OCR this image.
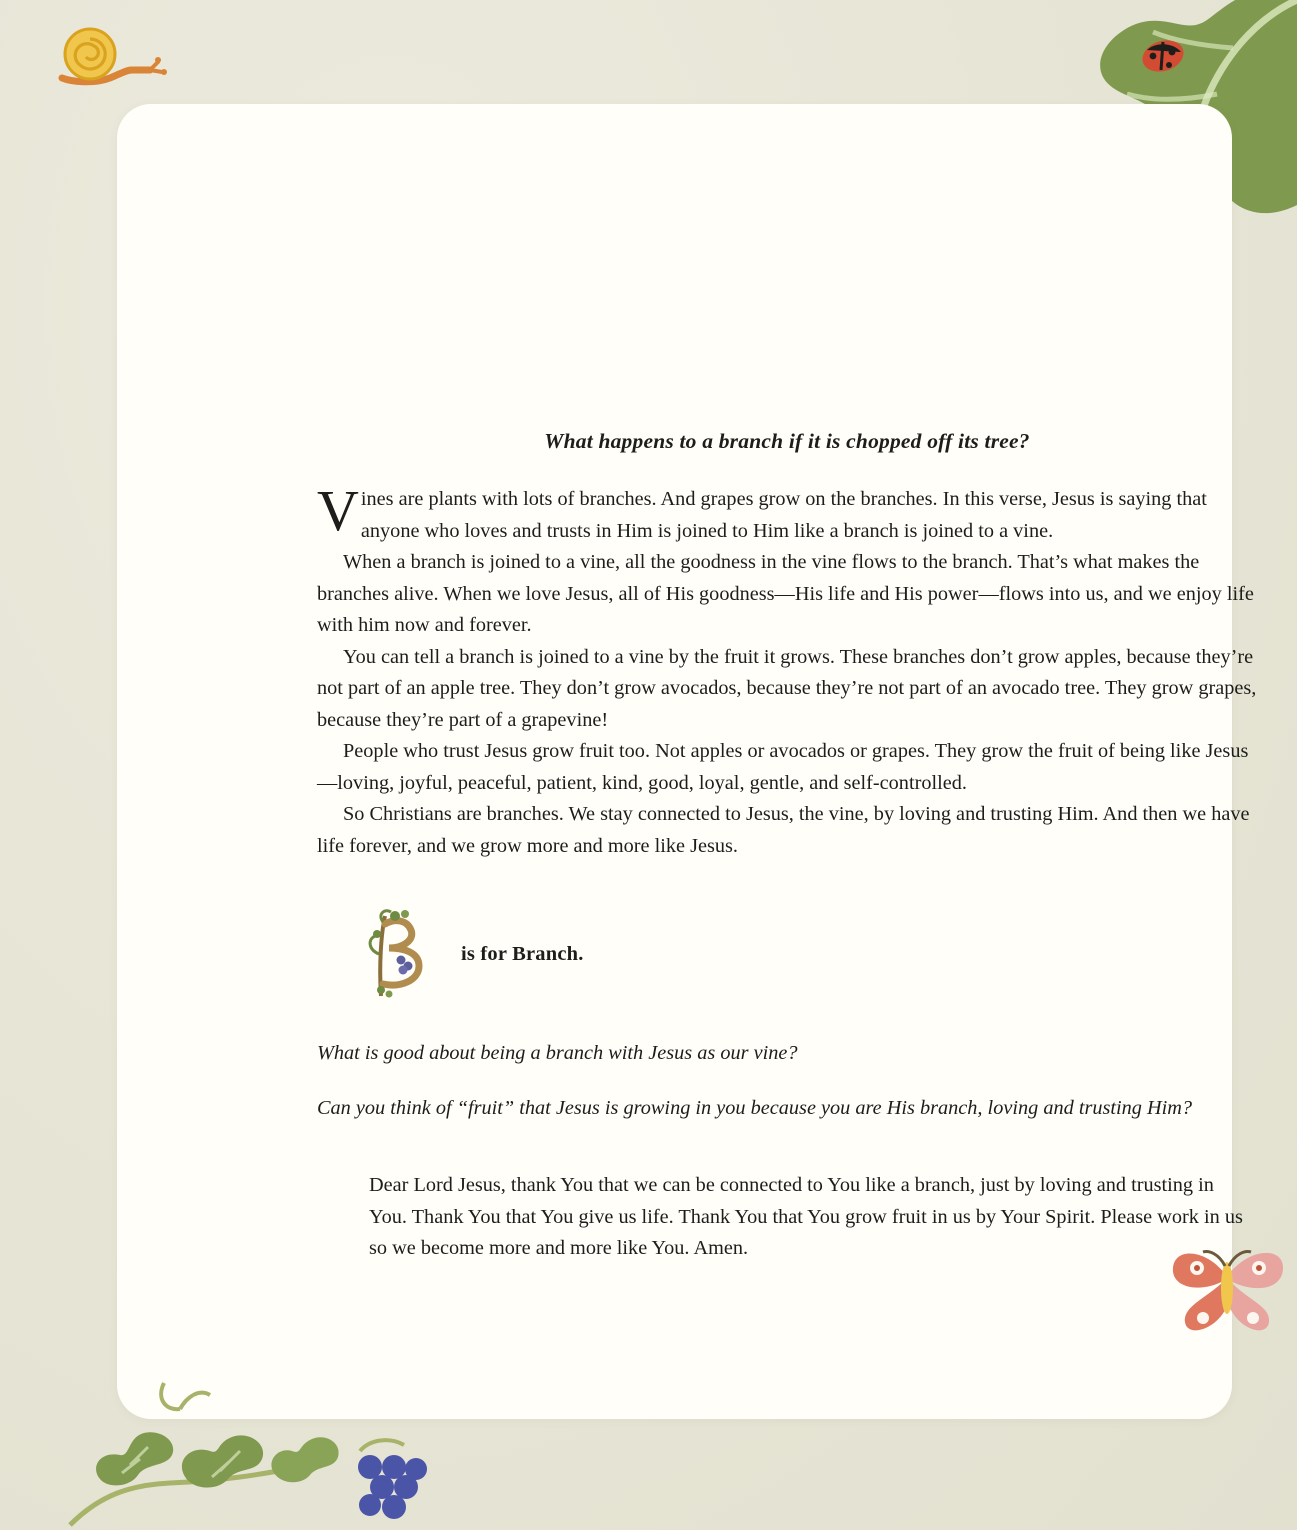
What happens to a branch if it is chopped off its tree?

Vines are plants with lots of branches. And grapes grow on the branches. In this verse, Jesus is saying that anyone who loves and trusts in Him is joined to Him like a branch is joined to a vine.

When a branch is joined to a vine, all the goodness in the vine flows to the branch. That’s what makes the branches alive. When we love Jesus, all of His goodness—His life and His power—flows into us, and we enjoy life with him now and forever.

You can tell a branch is joined to a vine by the fruit it grows. These branches don’t grow apples, because they’re not part of an apple tree. They don’t grow avocados, because they’re not part of an avocado tree. They grow grapes, because they’re part of a grapevine!

People who trust Jesus grow fruit too. Not apples or avocados or grapes. They grow the fruit of being like Jesus—loving, joyful, peaceful, patient, kind, good, loyal, gentle, and self-controlled.

So Christians are branches. We stay connected to Jesus, the vine, by loving and trusting Him. And then we have life forever, and we grow more and more like Jesus.

is for Branch.

What is good about being a branch with Jesus as our vine?

Can you think of “fruit” that Jesus is growing in you because you are His branch, loving and trusting Him?

Dear Lord Jesus, thank You that we can be connected to You like a branch, just by loving and trusting in You. Thank You that You give us life. Thank You that You grow fruit in us by Your Spirit. Please work in us so we become more and more like You. Amen.
